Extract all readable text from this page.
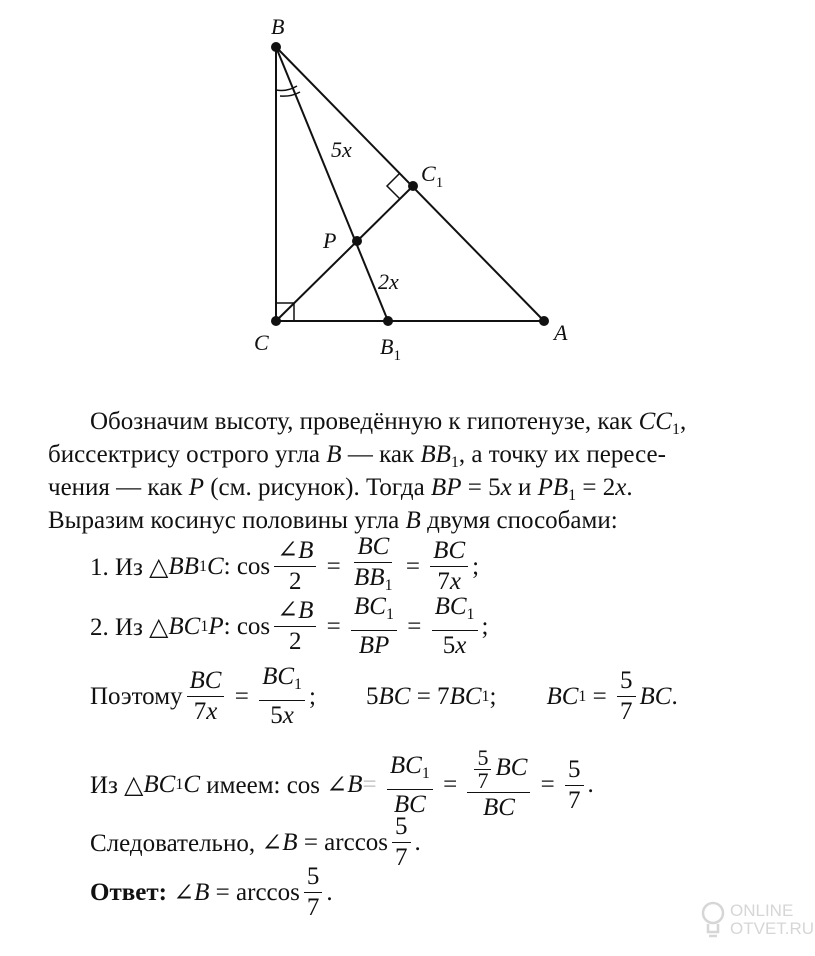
B
C	A
$C_1$
P
$B_1$
5x
2x
Обозначим высоту, проведённую к гипотенузе, как $CC_1$,
биссектрису острого угла B — как $BB_1$, а точку их пересе-
чения — как P (см. рисунок). Тогда BP = 5x и $PB_1 = 2x$.
Выразим косинус половины угла B двумя способами:
1. Из △ BB 1 C : $\cos \frac{\angle B}{2} = \frac{BC}{BB_1} = \frac{BC}{7x}$ ;
2. Из △ BC 1 P : $\cos \frac{\angle B}{2} = \frac{BC_1}{BP} = \frac{BC_1}{5x}$ ;
Поэтому $\frac{BC}{7x} = \frac{BC_1}{5x}$ ;        5 BC = 7 BC 1 ; BC $1 = \frac{5}{7}$ BC .
Из △ BC 1 C имеем: cos ∠ $B = \frac{BC_1}{BC} = \frac{\frac{5}{7} BC}{BC} = \frac{5}{7}$ .
Следовательно, ∠ $B = \arccos \frac{5}{7}$ .
Ответ: ∠ $B = \arccos \frac{5}{7}$ .
ONLINE
OTVET.RU
